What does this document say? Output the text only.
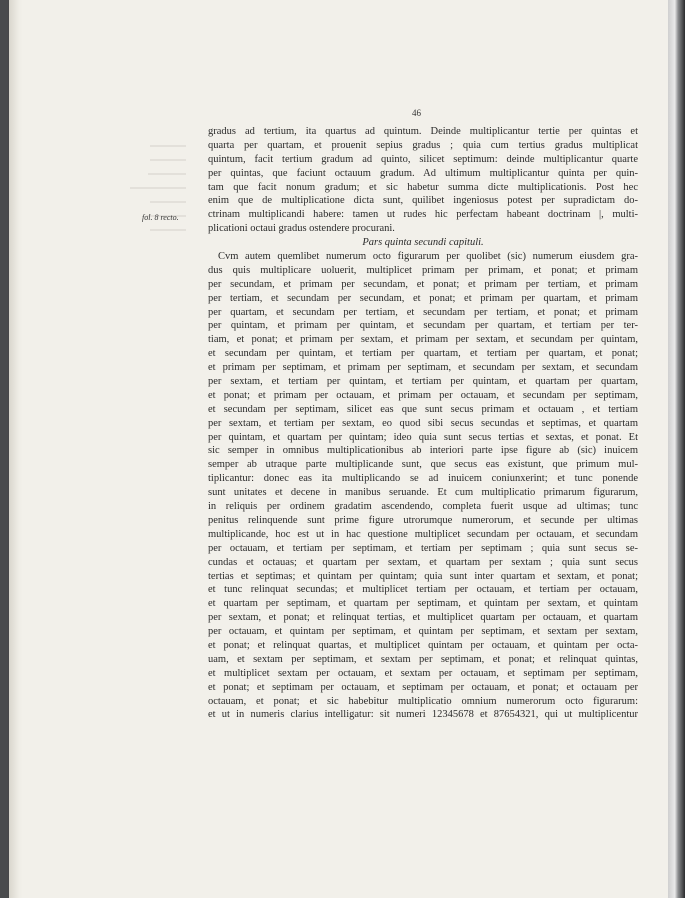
46
fol. 8 recto.
gradus ad tertium, ita quartus ad quintum. Deinde multiplicantur tertie per quintas et
quarta per quartam, et prouenit sepius gradus ; quia cum tertius gradus multiplicat
quintum, facit tertium gradum ad quinto, silicet septimum: deinde multiplicantur quarte
per quintas, que faciunt octauum gradum. Ad ultimum multiplicantur quinta per quin-
tam que facit nonum gradum; et sic habetur summa dicte multiplicationis. Post hec
enim que de multiplicatione dicta sunt, quilibet ingeniosus potest per supradictam do-
ctrinam multiplicandi habere: tamen ut rudes hic perfectam habeant doctrinam |, multi-
plicationi octaui gradus ostendere procurani.
Pars quinta secundi capituli.
Cvm autem quemlibet numerum octo figurarum per quolibet (sic) numerum eiusdem gra-
dus quis multiplicare uoluerit, multiplicet primam per primam, et ponat; et primam
per secundam, et primam per secundam, et ponat; et primam per tertiam, et primam
per tertiam, et secundam per secundam, et ponat; et primam per quartam, et primam
per quartam, et secundam per tertiam, et secundam per tertiam, et ponat; et primam
per quintam, et primam per quintam, et secundam per quartam, et tertiam per ter-
tiam, et ponat; et primam per sextam, et primam per sextam, et secundam per quintam,
et secundam per quintam, et tertiam per quartam, et tertiam per quartam, et ponat;
et primam per septimam, et primam per septimam, et secundam per sextam, et secundam
per sextam, et tertiam per quintam, et tertiam per quintam, et quartam per quartam,
et ponat; et primam per octauam, et primam per octauam, et secundam per septimam,
et secundam per septimam, silicet eas que sunt secus primam et octauam , et tertiam
per sextam, et tertiam per sextam, eo quod sibi secus secundas et septimas, et quartam
per quintam, et quartam per quintam; ideo quia sunt secus tertias et sextas, et ponat. Et
sic semper in omnibus multiplicationibus ab interiori parte ipse figure ab (sic) inuicem
semper ab utraque parte multiplicande sunt, que secus eas existunt, que primum mul-
tiplicantur: donec eas ita multiplicando se ad inuicem coniunxerint; et tunc ponende
sunt unitates et decene in manibus seruande. Et cum multiplicatio primarum figurarum,
in reliquis per ordinem gradatim ascendendo, completa fuerit usque ad ultimas; tunc
penitus relinquende sunt prime figure utrorumque numerorum, et secunde per ultimas
multiplicande, hoc est ut in hac questione multiplicet secundam per octauam, et secundam
per octauam, et tertiam per septimam, et tertiam per septimam ; quia sunt secus se-
cundas et octauas; et quartam per sextam, et quartam per sextam ; quia sunt secus
tertias et septimas; et quintam per quintam; quia sunt inter quartam et sextam, et ponat;
et tunc relinquat secundas; et multiplicet tertiam per octauam, et tertiam per octauam,
et quartam per septimam, et quartam per septimam, et quintam per sextam, et quintam
per sextam, et ponat; et relinquat tertias, et multiplicet quartam per octauam, et quartam
per octauam, et quintam per septimam, et quintam per septimam, et sextam per sextam,
et ponat; et relinquat quartas, et multiplicet quintam per octauam, et quintam per octa-
uam, et sextam per septimam, et sextam per septimam, et ponat; et relinquat quintas,
et multiplicet sextam per octauam, et sextam per octauam, et septimam per septimam,
et ponat; et septimam per octauam, et septimam per octauam, et ponat; et octauam per
octauam, et ponat; et sic habebitur multiplicatio omnium numerorum octo figurarum:
et ut in numeris clarius intelligatur: sit numeri 12345678 et 87654321, qui ut multiplicentur
